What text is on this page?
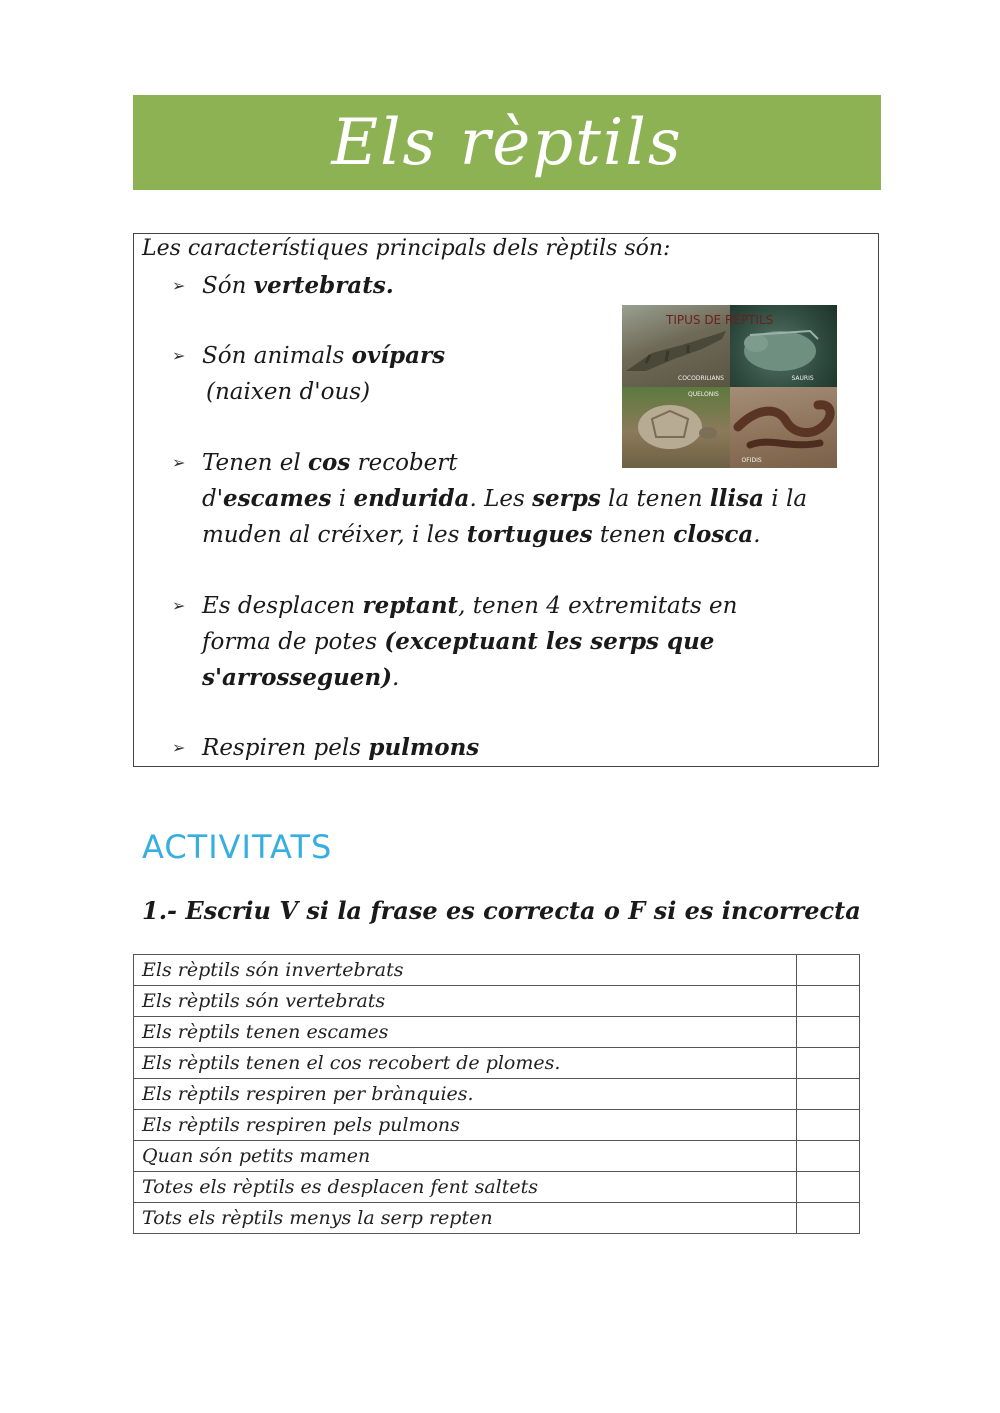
Els rèptils
Les característiques principals dels rèptils són:
➢ Són vertebrats.
➢ Són animals ovípars
(naixen d'ous)
➢ Tenen el cos recobert
d'escames i endurida. Les serps la tenen llisa i la
muden al créixer, i les tortugues tenen closca.
➢ Es desplacen reptant, tenen 4 extremitats en
forma de potes (exceptuant les serps que
s'arrosseguen).
➢ Respiren pels pulmons
TIPUS DE RÈPTILS
COCODRILIANS	SAURIS
QUELONIS
OFIDIS
ACTIVITATS
1.- Escriu V si la frase es correcta o F si es incorrecta
Els rèptils són invertebrats	
Els rèptils són vertebrats	
Els rèptils tenen escames	
Els rèptils tenen el cos recobert de plomes.	
Els rèptils respiren per brànquies.	
Els rèptils respiren pels pulmons	
Quan són petits mamen	
Totes els rèptils es desplacen fent saltets	
Tots els rèptils menys la serp repten	
